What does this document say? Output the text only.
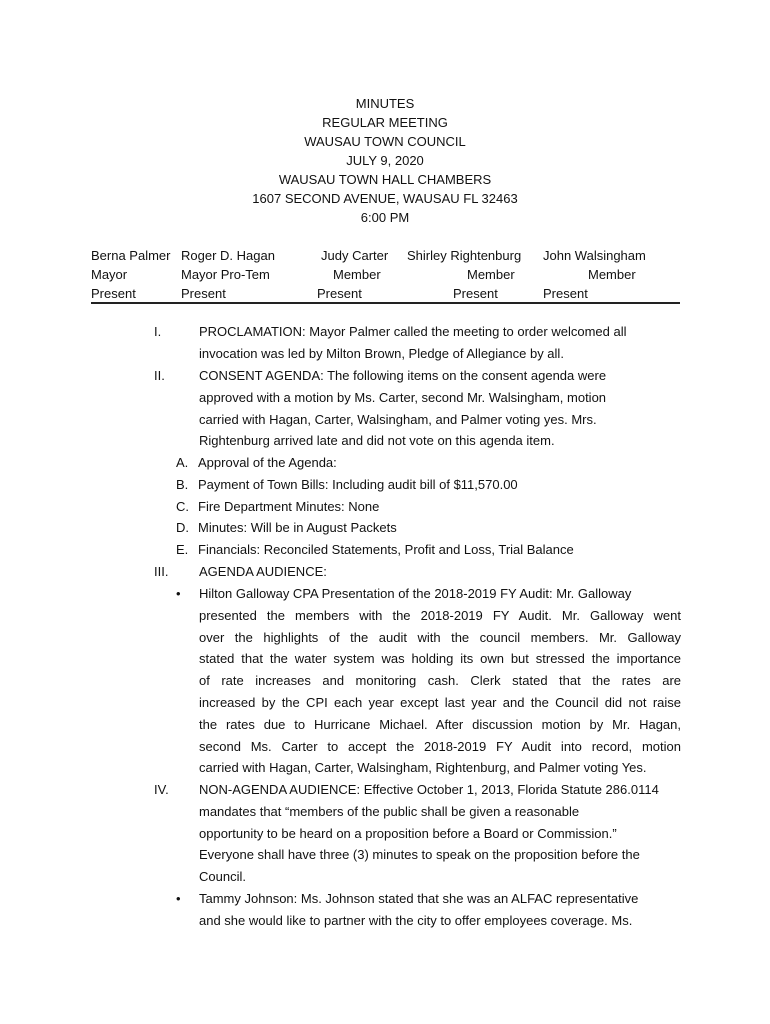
MINUTES
REGULAR MEETING
WAUSAU TOWN COUNCIL
JULY 9, 2020
WAUSAU TOWN HALL CHAMBERS
1607 SECOND AVENUE, WAUSAU FL 32463
6:00 PM
Berna Palmer
Mayor
Present
Roger D. Hagan
Mayor Pro-Tem
Present
Judy Carter
Member
Present
Shirley Rightenburg
Member
Present
John Walsingham
Member
Present
I.	PROCLAMATION: Mayor Palmer called the meeting to order welcomed all
invocation was led by Milton Brown, Pledge of Allegiance by all.
II.	CONSENT AGENDA: The following items on the consent agenda were
approved with a motion by Ms. Carter, second Mr. Walsingham, motion
carried with Hagan, Carter, Walsingham, and Palmer voting yes. Mrs.
Rightenburg arrived late and did not vote on this agenda item.
A. Approval of the Agenda:
B. Payment of Town Bills: Including audit bill of $11,570.00
C. Fire Department Minutes: None
D. Minutes: Will be in August Packets
E. Financials: Reconciled Statements, Profit and Loss, Trial Balance
III. AGENDA AUDIENCE:
• Hilton Galloway CPA Presentation of the 2018-2019 FY Audit: Mr. Galloway
presented the members with the 2018-2019 FY Audit. Mr. Galloway went
over the highlights of the audit with the council members. Mr. Galloway
stated that the water system was holding its own but stressed the importance
of rate increases and monitoring cash. Clerk stated that the rates are
increased by the CPI each year except last year and the Council did not raise
the rates due to Hurricane Michael. After discussion motion by Mr. Hagan,
second Ms. Carter to accept the 2018-2019 FY Audit into record, motion
carried with Hagan, Carter, Walsingham, Rightenburg, and Palmer voting Yes.
IV. NON-AGENDA AUDIENCE: Effective October 1, 2013, Florida Statute 286.0114
mandates that “members of the public shall be given a reasonable
opportunity to be heard on a proposition before a Board or Commission.”
Everyone shall have three (3) minutes to speak on the proposition before the
Council.
• Tammy Johnson: Ms. Johnson stated that she was an ALFAC representative
and she would like to partner with the city to offer employees coverage. Ms.
